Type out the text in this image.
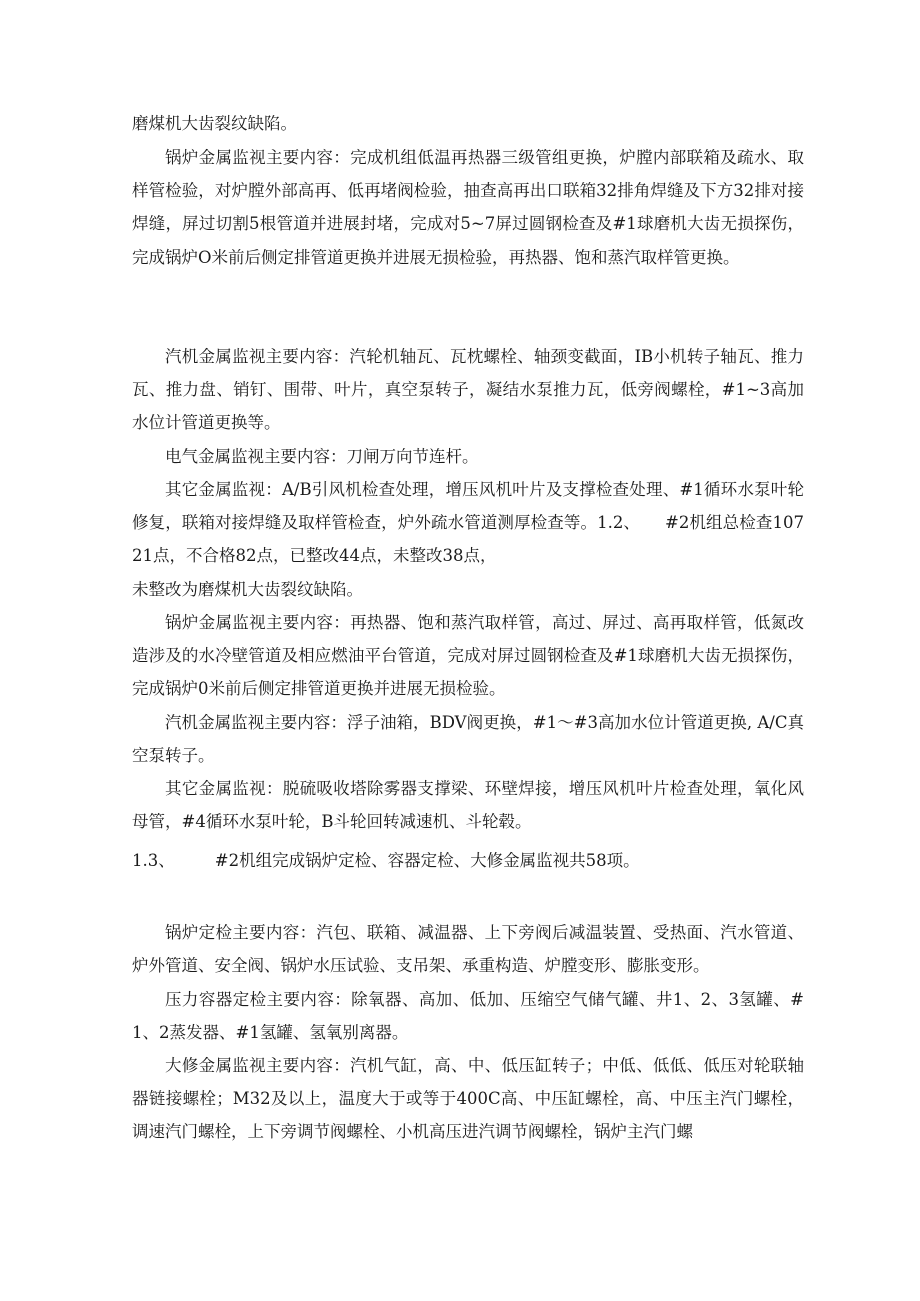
磨煤机大齿裂纹缺陷。

锅炉金属监视主要内容：完成机组低温再热器三级管组更换，炉膛内部联箱及疏水、取样管检验，对炉膛外部高再、低再堵阀检验，抽查高再出口联箱32排角焊缝及下方32排对接焊缝，屏过切割5根管道并进展封堵，完成对5~7屏过圆钢检查及#1球磨机大齿无损探伤，完成锅炉O米前后侧定排管道更换并进展无损检验，再热器、饱和蒸汽取样管更换。

汽机金属监视主要内容：汽轮机轴瓦、瓦枕螺栓、轴颈变截面，IB小机转子轴瓦、推力瓦、推力盘、销钉、围带、叶片，真空泵转子，凝结水泵推力瓦，低旁阀螺栓，#1~3高加水位计管道更换等。

电气金属监视主要内容：刀闸万向节连杆。

其它金属监视：A/B引风机检查处理，增压风机叶片及支撑检查处理、#1循环水泵叶轮修复，联箱对接焊缝及取样管检查，炉外疏水管道测厚检查等。1.2、　　#2机组总检查10721点，不合格82点，已整改44点，未整改38点，

未整改为磨煤机大齿裂纹缺陷。

锅炉金属监视主要内容：再热器、饱和蒸汽取样管，高过、屏过、高再取样管，低氮改造涉及的水冷壁管道及相应燃油平台管道，完成对屏过圆钢检查及#1球磨机大齿无损探伤，完成锅炉0米前后侧定排管道更换并进展无损检验。

汽机金属监视主要内容：浮子油箱，BDV阀更换，#1～#3高加水位计管道更换, A/C真空泵转子。

其它金属监视：脱硫吸收塔除雾器支撑梁、环壁焊接，增压风机叶片检查处理，氧化风母管，#4循环水泵叶轮，B斗轮回转减速机、斗轮毂。

1.3、 #2机组完成锅炉定检、容器定检、大修金属监视共58项。

锅炉定检主要内容：汽包、联箱、减温器、上下旁阀后减温装置、受热面、汽水管道、炉外管道、安全阀、锅炉水压试验、支吊架、承重构造、炉膛变形、膨胀变形。

压力容器定检主要内容：除氧器、高加、低加、压缩空气储气罐、井1、2、3氢罐、#1、2蒸发器、#1氢罐、氢氧别离器。

大修金属监视主要内容：汽机气缸，高、中、低压缸转子；中低、低低、低压对轮联轴器链接螺栓；M32及以上，温度大于或等于400C高、中压缸螺栓，高、中压主汽门螺栓，调速汽门螺栓，上下旁调节阀螺栓、小机高压进汽调节阀螺栓，锅炉主汽门螺
